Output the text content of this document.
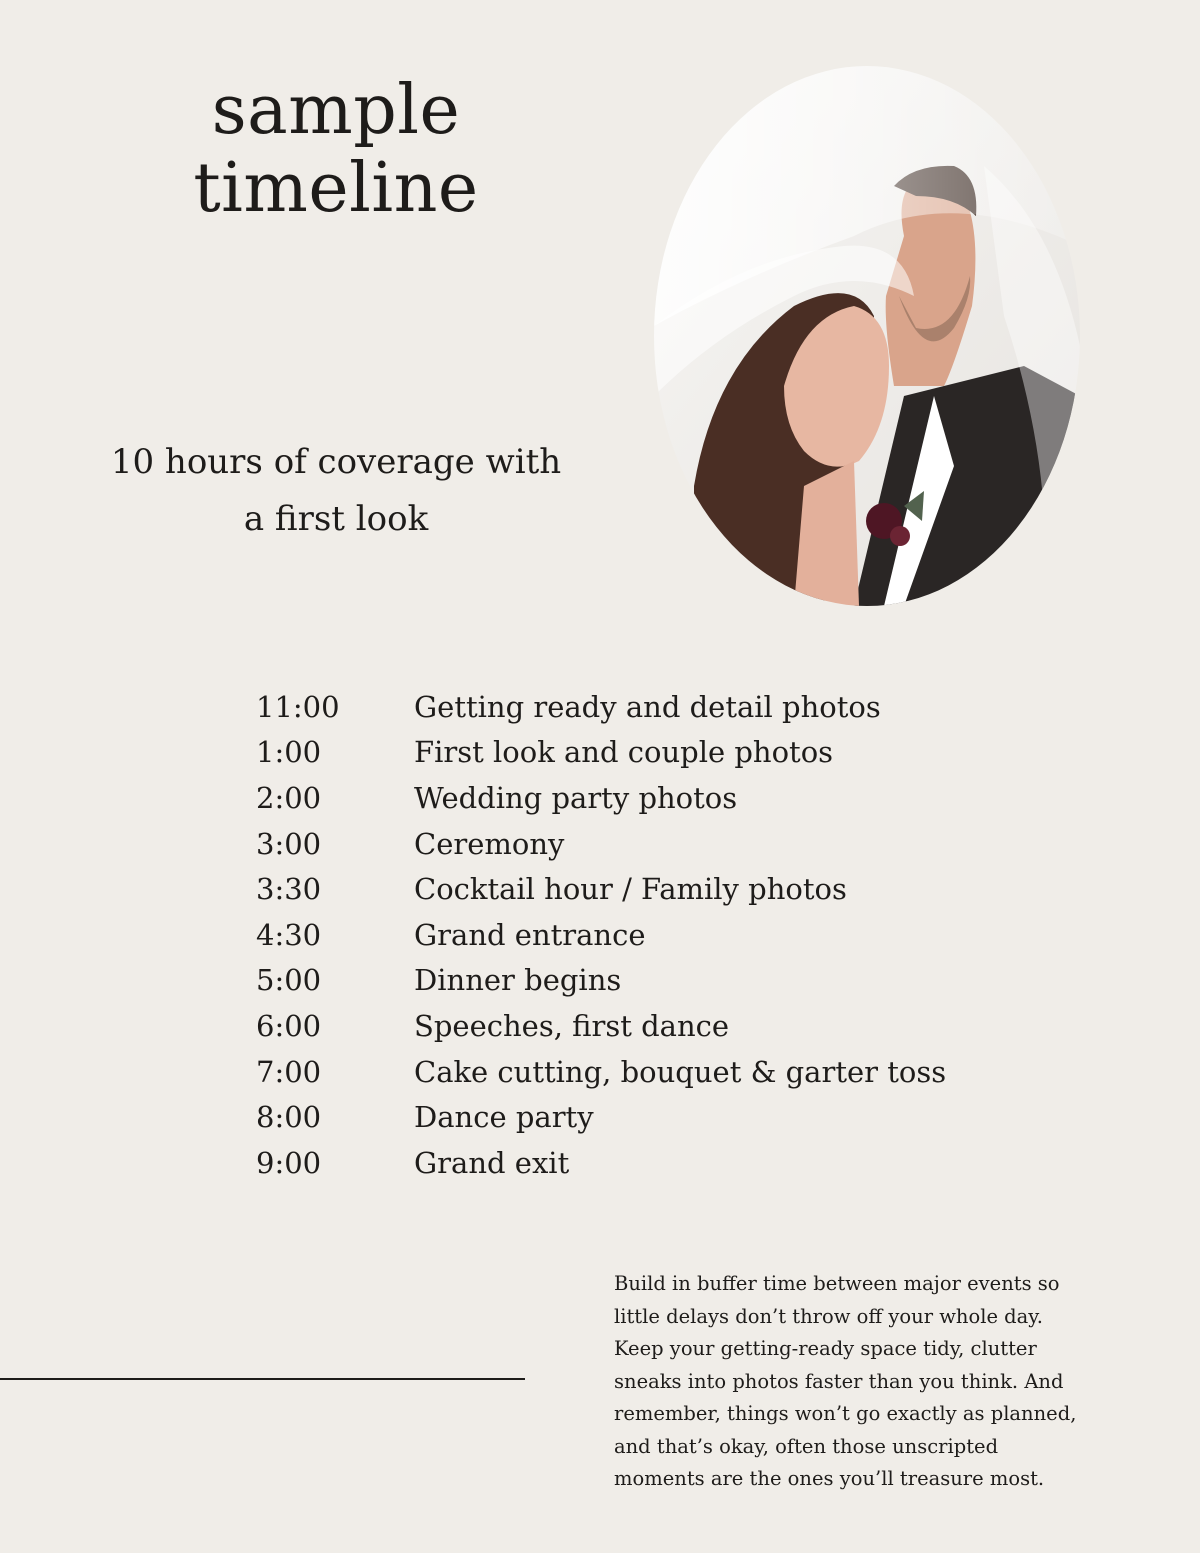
sample
timeline
10 hours of coverage with
a first look
11:00	Getting ready and detail photos
1:00	First look and couple photos
2:00	Wedding party photos
3:00	Ceremony
3:30	Cocktail hour / Family photos
4:30	Grand entrance
5:00	Dinner begins
6:00	Speeches, first dance
7:00	Cake cutting, bouquet & garter toss
8:00	Dance party
9:00	Grand exit

Build in buffer time between major events so little delays don’t throw off your whole day. Keep your getting-ready space tidy, clutter sneaks into photos faster than you think. And remember, things won’t go exactly as planned, and that’s okay, often those unscripted moments are the ones you’ll treasure most.
